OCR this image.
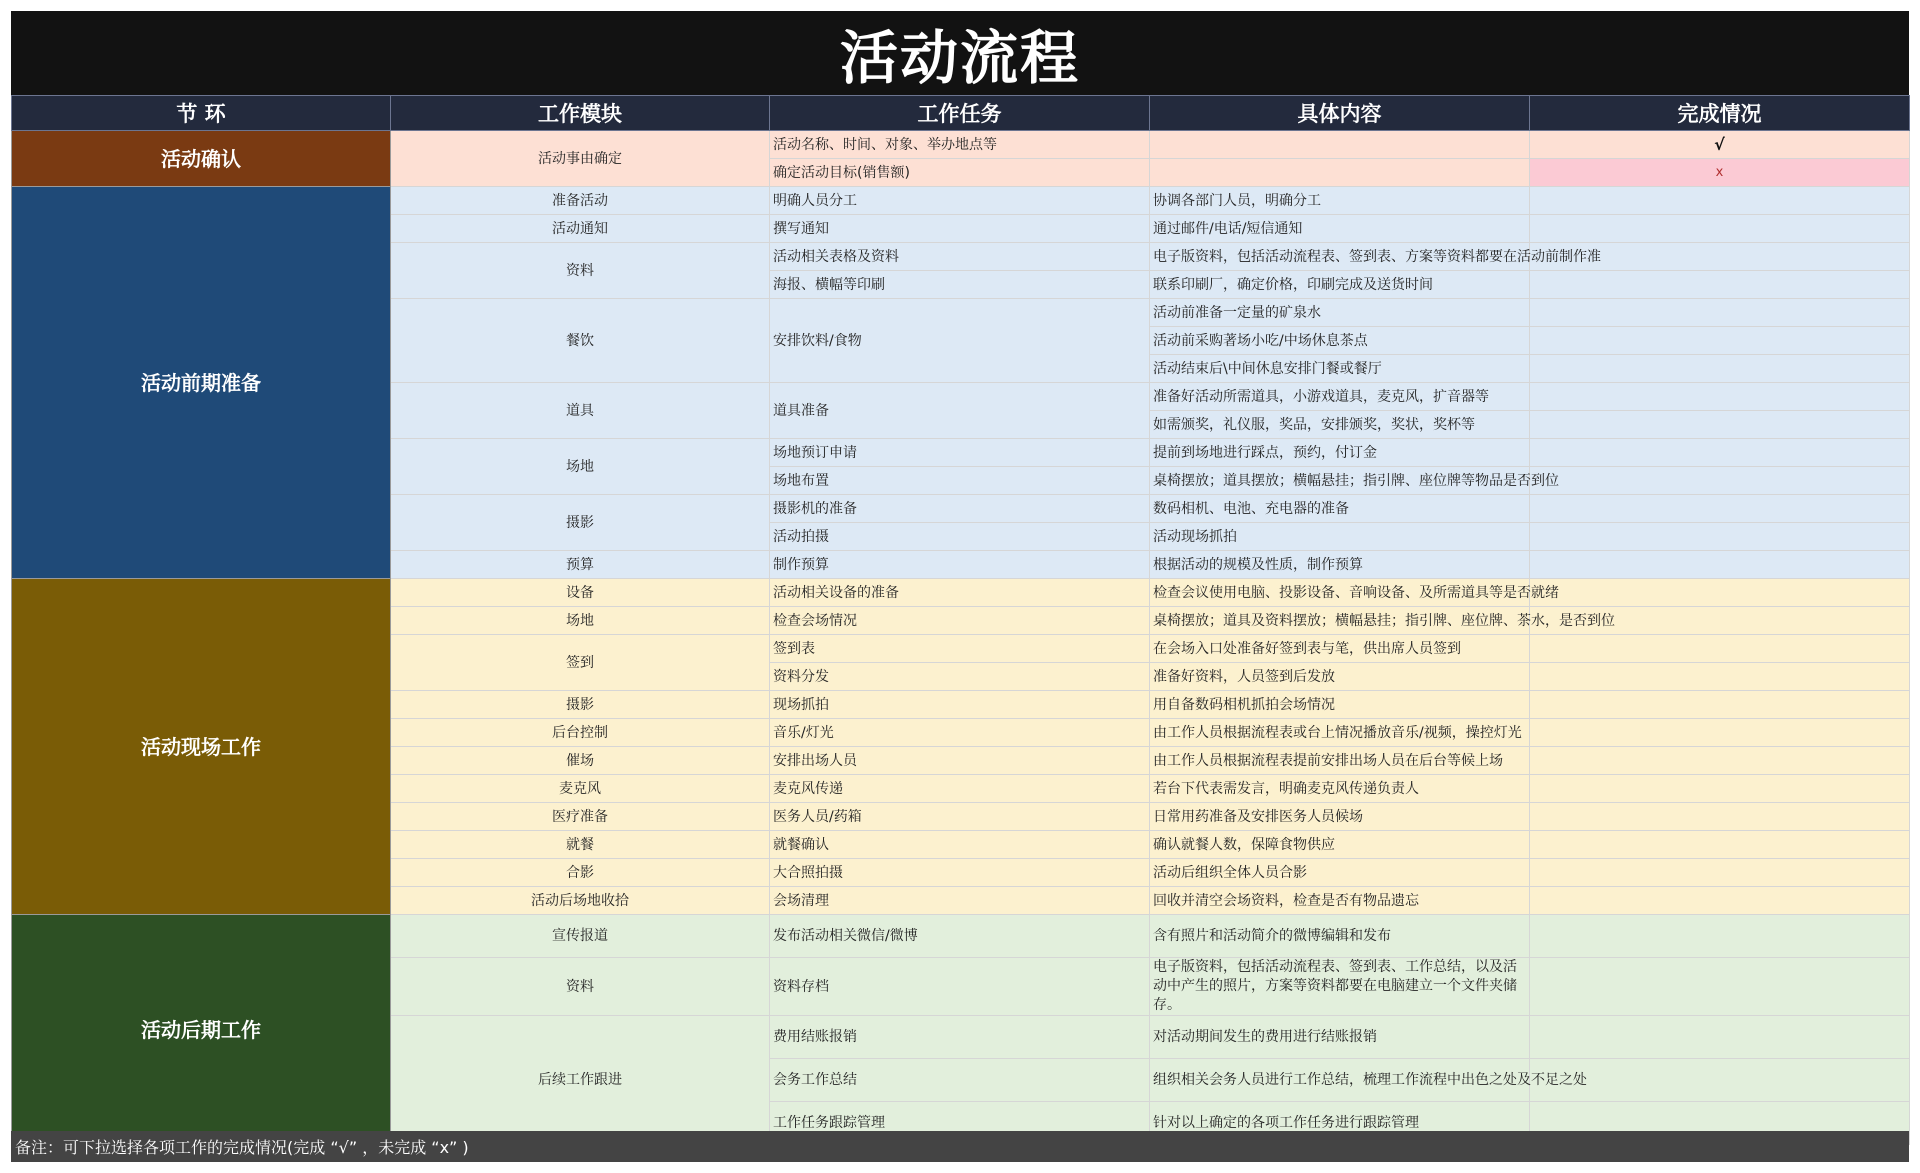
活动流程
节 环	工作模块	工作任务	具体内容	完成情况
活动确认	活动事由确定	活动名称、时间、对象、举办地点等		√
		确定活动目标(销售额)		x
活动前期准备	准备活动	明确人员分工	协调各部门人员，明确分工	
	活动通知	撰写通知	通过邮件/电话/短信通知	
	资料	活动相关表格及资料	电子版资料，包括活动流程表、签到表、方案等资料都要在活动前制作准	
		海报、横幅等印刷	联系印刷厂，确定价格，印刷完成及送货时间	
	餐饮	安排饮料/食物	活动前准备一定量的矿泉水	
			活动前采购著场小吃/中场休息茶点	
			活动结束后\中间休息安排门餐或餐厅	
	道具	道具准备	准备好活动所需道具，小游戏道具，麦克风，扩音器等	
			如需颁奖，礼仪服，奖品，安排颁奖，奖状，奖杯等	
	场地	场地预订申请	提前到场地进行踩点，预约，付订金	
		场地布置	桌椅摆放；道具摆放；横幅悬挂；指引牌、座位牌等物品是否到位	
	摄影	摄影机的准备	数码相机、电池、充电器的准备	
		活动拍摄	活动现场抓拍	
	预算	制作预算	根据活动的规模及性质，制作预算	
活动现场工作	设备	活动相关设备的准备	检查会议使用电脑、投影设备、音响设备、及所需道具等是否就绪	
	场地	检查会场情况	桌椅摆放；道具及资料摆放；横幅悬挂；指引牌、座位牌、茶水，是否到位	
	签到	签到表	在会场入口处准备好签到表与笔，供出席人员签到	
		资料分发	准备好资料，人员签到后发放	
	摄影	现场抓拍	用自备数码相机抓拍会场情况	
	后台控制	音乐/灯光	由工作人员根据流程表或台上情况播放音乐/视频，操控灯光	
	催场	安排出场人员	由工作人员根据流程表提前安排出场人员在后台等候上场	
	麦克风	麦克风传递	若台下代表需发言，明确麦克风传递负责人	
	医疗准备	医务人员/药箱	日常用药准备及安排医务人员候场	
	就餐	就餐确认	确认就餐人数，保障食物供应	
	合影	大合照拍摄	活动后组织全体人员合影	
	活动后场地收拾	会场清理	回收并清空会场资料，检查是否有物品遗忘	
活动后期工作	宣传报道	发布活动相关微信/微博	含有照片和活动简介的微博编辑和发布	
	资料	资料存档	电子版资料，包括活动流程表、签到表、工作总结，以及活动中产生的照片，方案等资料都要在电脑建立一个文件夹储存。	
	后续工作跟进	费用结账报销	对活动期间发生的费用进行结账报销	
		会务工作总结	组织相关会务人员进行工作总结，梳理工作流程中出色之处及不足之处	
		工作任务跟踪管理	针对以上确定的各项工作任务进行跟踪管理	
备注：可下拉选择各项工作的完成情况(完成 “√” ，未完成 “x” )
